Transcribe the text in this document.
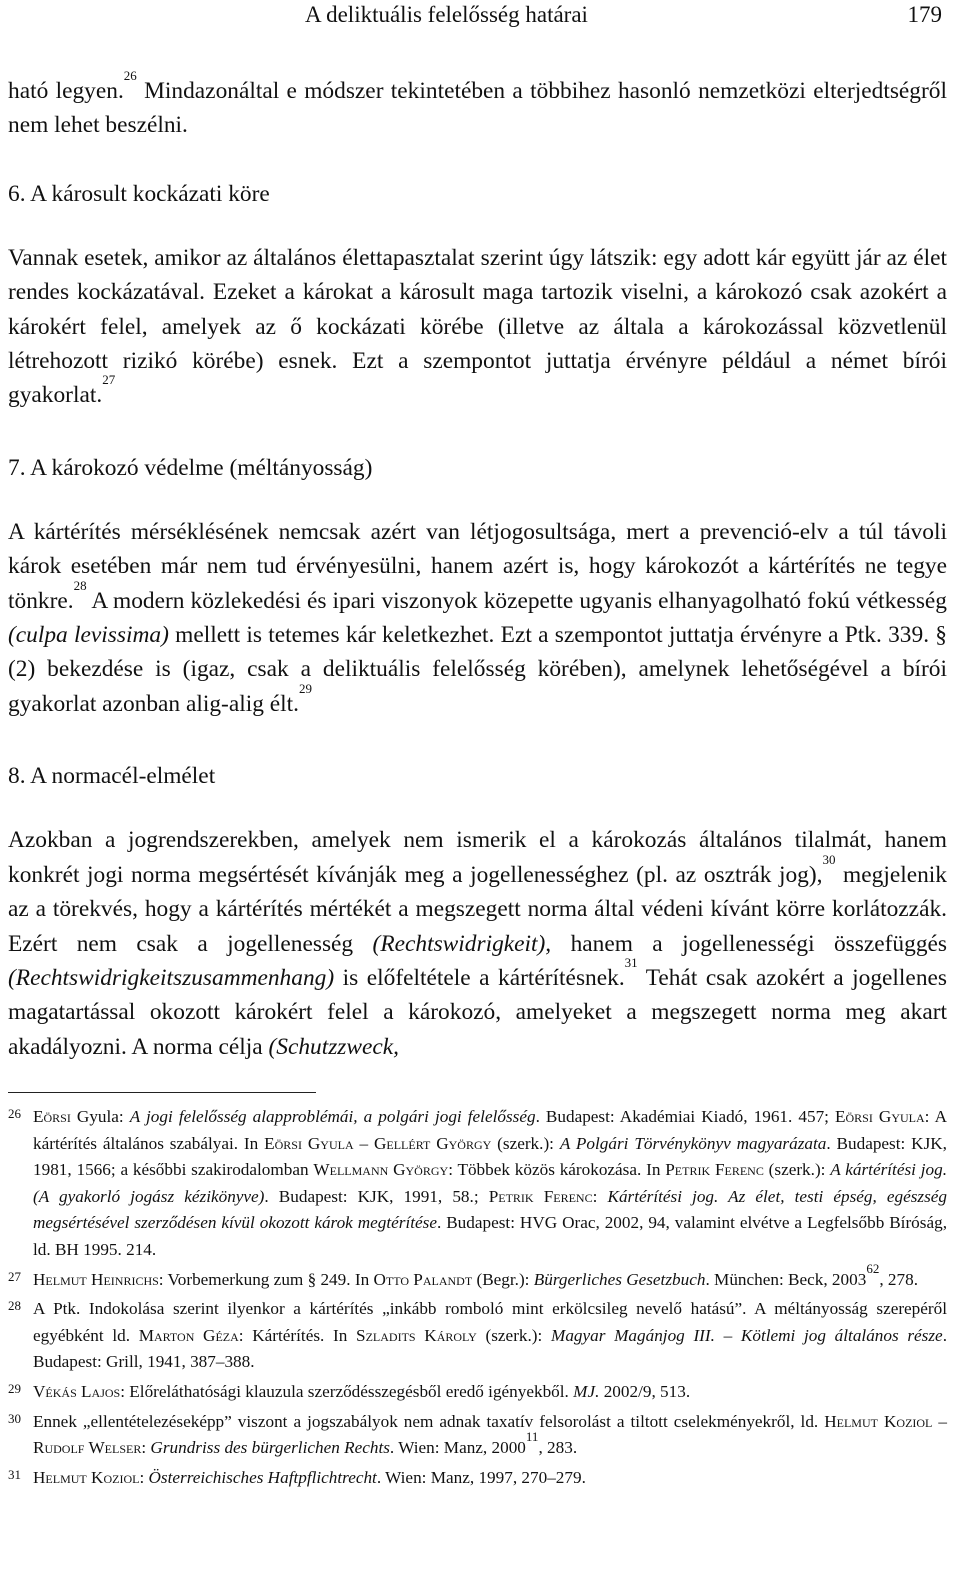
A deliktuális felelősség határai	179

ható legyen.$^{26}$ Mindazonáltal e módszer tekintetében a többihez hasonló nemzetközi elterjedtségről nem lehet beszélni.

6. A károsult kockázati köre

Vannak esetek, amikor az általános élettapasztalat szerint úgy látszik: egy adott kár együtt jár az élet rendes kockázatával. Ezeket a károkat a károsult maga tartozik viselni, a károkozó csak azokért a károkért felel, amelyek az ő kockázati körébe (illetve az általa a károkozással közvetlenül létrehozott rizikó körébe) esnek. Ezt a szempontot juttatja érvényre például a német bírói gyakorlat.$^{27}$

7. A károkozó védelme (méltányosság)

A kártérítés mérséklésének nemcsak azért van létjogosultsága, mert a prevenció-elv a túl távoli károk esetében már nem tud érvényesülni, hanem azért is, hogy károkozót a kártérítés ne tegye tönkre.$^{28}$ A modern közlekedési és ipari viszonyok közepette ugyanis elhanyagolható fokú vétkesség (culpa levissima) mellett is tetemes kár keletkezhet. Ezt a szempontot juttatja érvényre a Ptk. 339. § (2) bekezdése is (igaz, csak a deliktuális felelősség körében), amelynek lehetőségével a bírói gyakorlat azonban alig-alig élt.$^{29}$

8. A normacél-elmélet

Azokban a jogrendszerekben, amelyek nem ismerik el a károkozás általános tilalmát, hanem konkrét jogi norma megsértését kívánják meg a jogellenességhez (pl. az osztrák jog),$^{30}$ megjelenik az a törekvés, hogy a kártérítés mértékét a megszegett norma által védeni kívánt körre korlátozzák. Ezért nem csak a jogellenesség (Rechtswidrigkeit), hanem a jogellenességi összefüggés (Rechtswidrigkeitszusammenhang) is előfeltétele a kártérítésnek.$^{31}$ Tehát csak azokért a jogellenes magatartással okozott károkért felel a károkozó, amelyeket a megszegett norma meg akart akadályozni. A norma célja (Schutzzweck,

26 Eörsi Gyula: A jogi felelősség alapproblémái, a polgári jogi felelősség. Budapest: Akadémiai Kiadó, 1961. 457; Eörsi Gyula: A kártérítés általános szabályai. In Eörsi Gyula – Gellért György (szerk.): A Polgári Törvénykönyv magyarázata. Budapest: KJK, 1981, 1566; a későbbi szakirodalomban Wellmann György: Többek közös károkozása. In Petrik Ferenc (szerk.): A kártérítési jog. (A gyakorló jogász kézikönyve). Budapest: KJK, 1991, 58.; Petrik Ferenc: Kártérítési jog. Az élet, testi épség, egészség megsértésével szerződésen kívül okozott károk megtérítése. Budapest: HVG Orac, 2002, 94, valamint elvétve a Legfelsőbb Bíróság, ld. BH 1995. 214.
27 Helmut Heinrichs: Vorbemerkung zum § 249. In Otto Palandt (Begr.): Bürgerliches Gesetzbuch. München: Beck, 2003$^{62}$, 278.
28 A Ptk. Indokolása szerint ilyenkor a kártérítés „inkább romboló mint erkölcsileg nevelő hatású”. A méltányosság szerepéről egyébként ld. Marton Géza: Kártérítés. In Szladits Károly (szerk.): Magyar Magánjog III. – Kötlemi jog általános része. Budapest: Grill, 1941, 387–388.
29 Vékás Lajos: Előreláthatósági klauzula szerződésszegésből eredő igényekből. MJ. 2002/9, 513.
30 Ennek „ellentételezéseképp” viszont a jogszabályok nem adnak taxatív felsorolást a tiltott cselekményekről, ld. Helmut Koziol – Rudolf Welser: Grundriss des bürgerlichen Rechts. Wien: Manz, 2000$^{11}$, 283.
31 Helmut Koziol: Österreichisches Haftpflichtrecht. Wien: Manz, 1997, 270–279.
